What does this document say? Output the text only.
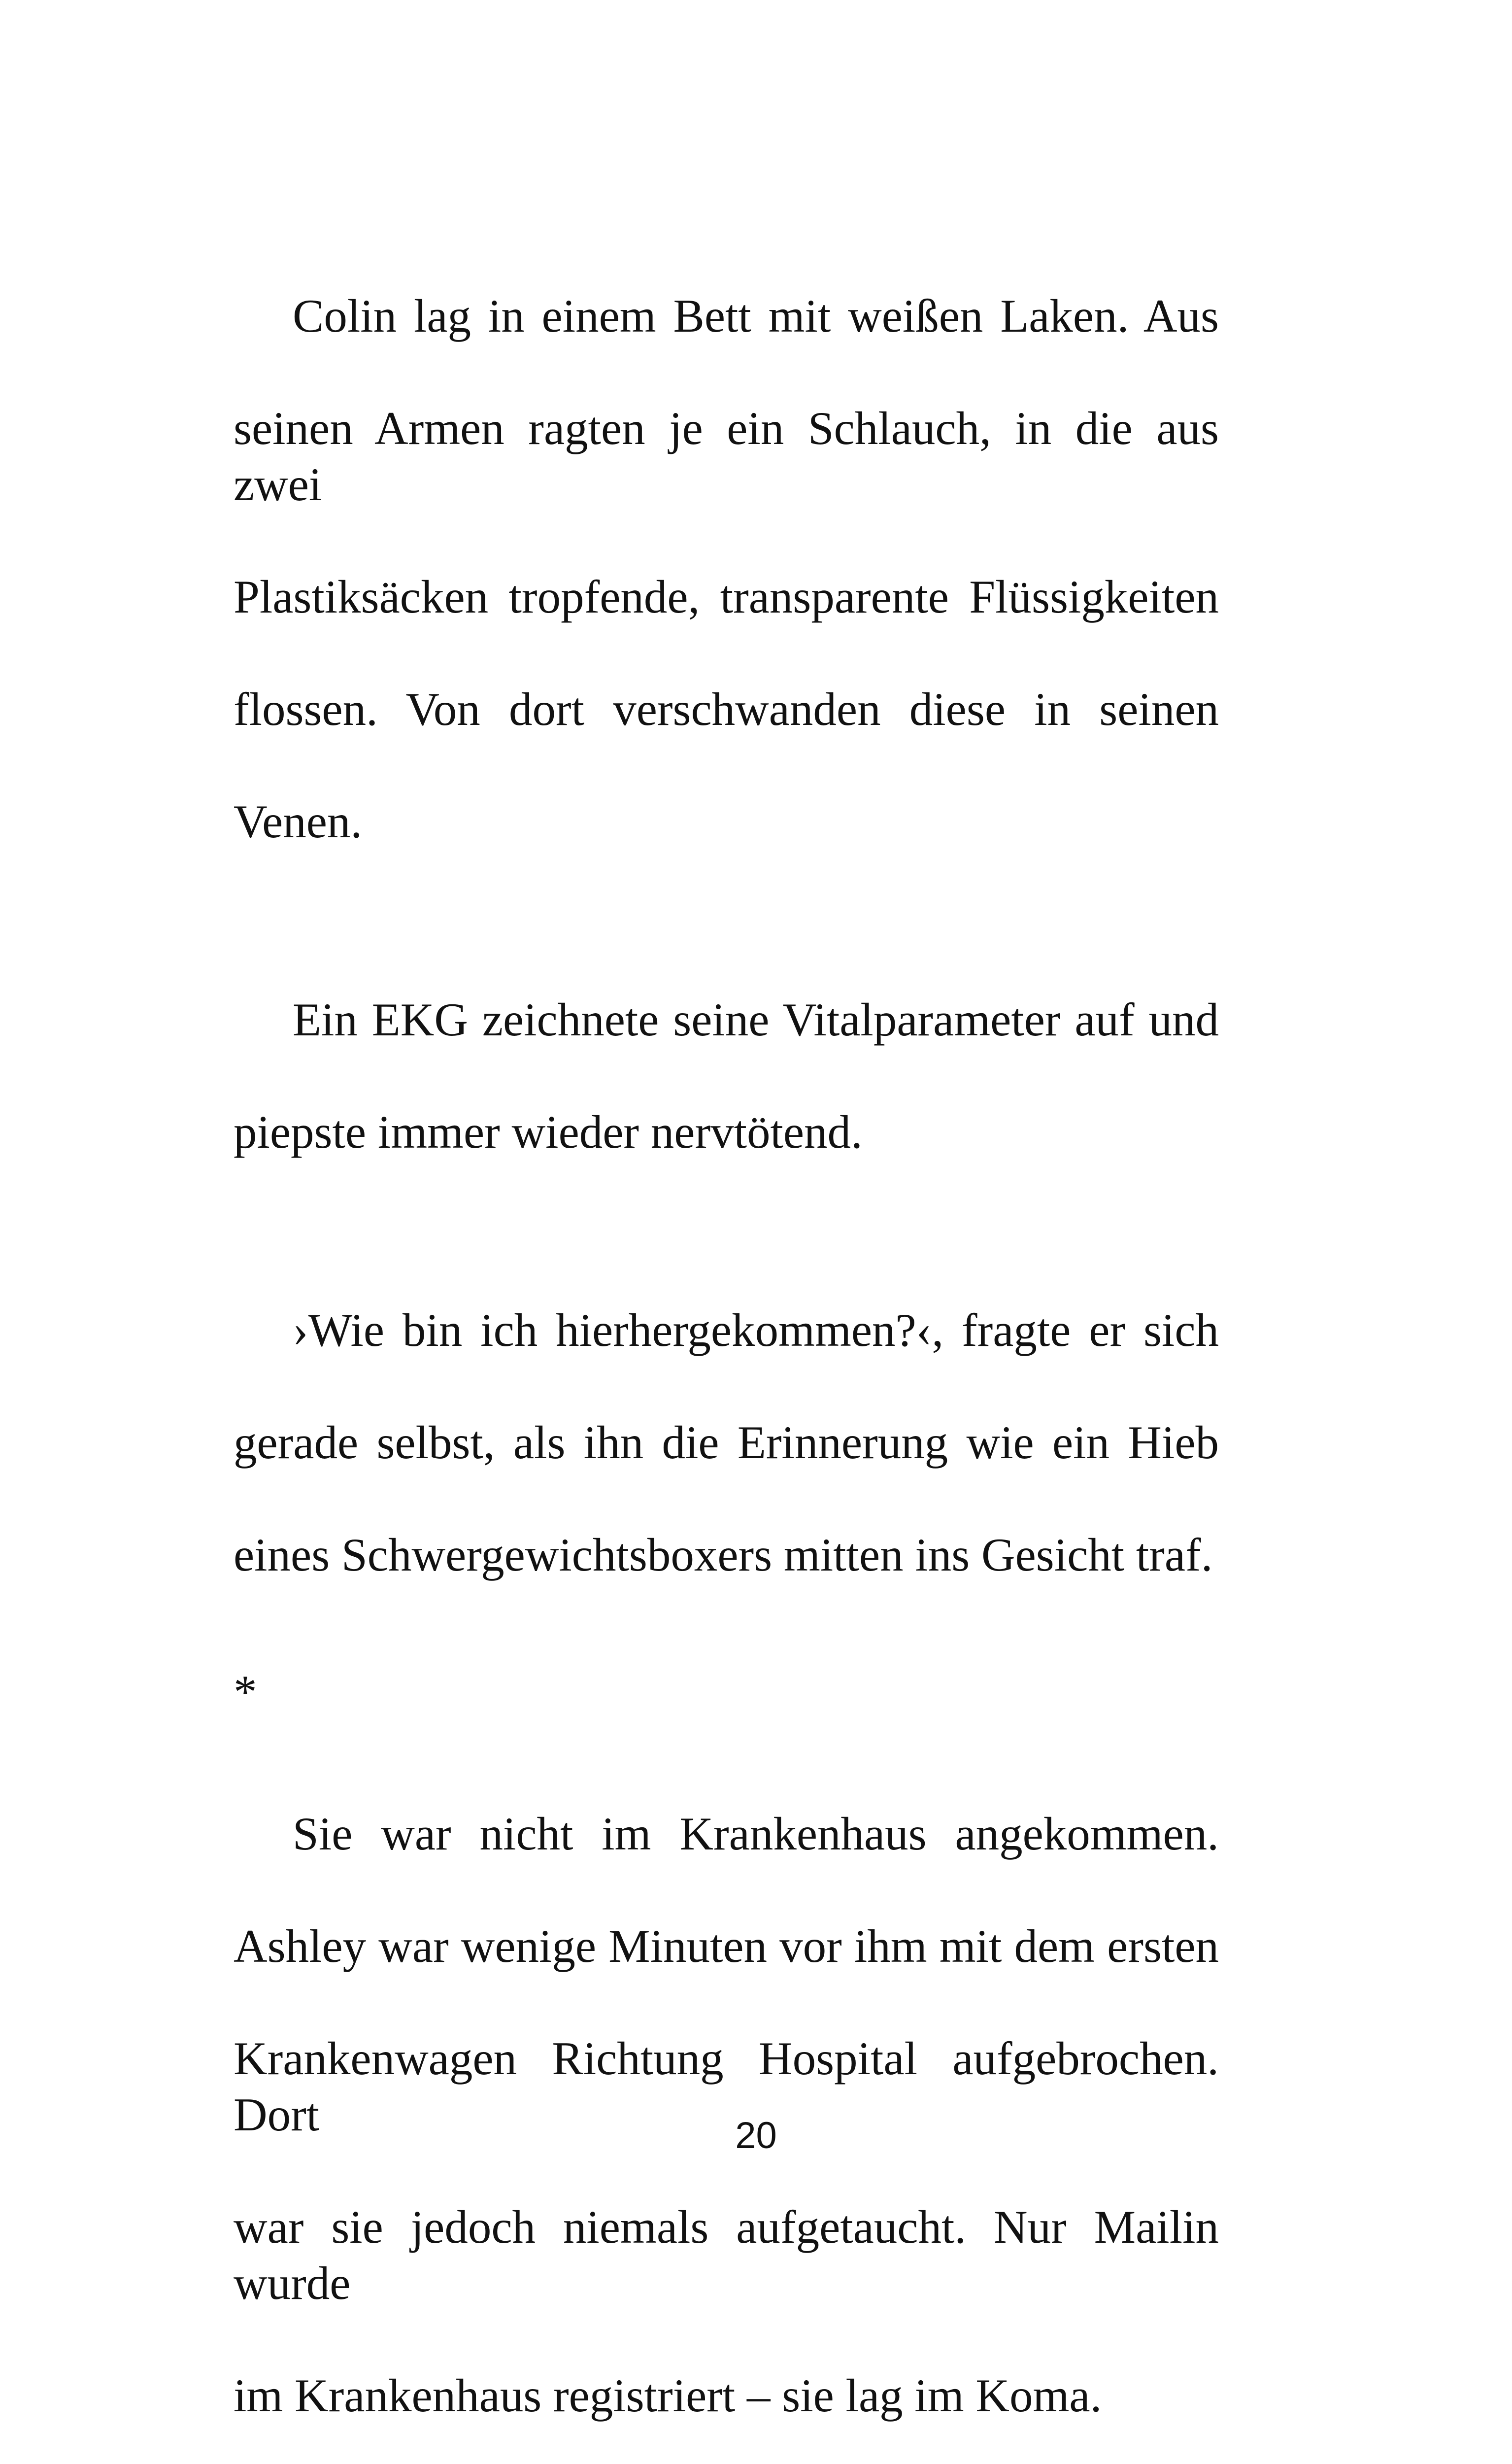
Colin lag in einem Bett mit weißen Laken. Aus

seinen Armen ragten je ein Schlauch, in die aus zwei

Plastiksäcken tropfende, transparente Flüssigkeiten

flossen. Von dort verschwanden diese in seinen

Venen.

Ein EKG zeichnete seine Vitalparameter auf und

piepste immer wieder nervtötend.

›Wie bin ich hierhergekommen?‹, fragte er sich

gerade selbst, als ihn die Erinnerung wie ein Hieb

eines Schwergewichtsboxers mitten ins Gesicht traf.

*

Sie war nicht im Krankenhaus angekommen.

Ashley war wenige Minuten vor ihm mit dem ersten

Krankenwagen Richtung Hospital aufgebrochen. Dort

war sie jedoch niemals aufgetaucht. Nur Mailin wurde

im Krankenhaus registriert – sie lag im Koma.

20
